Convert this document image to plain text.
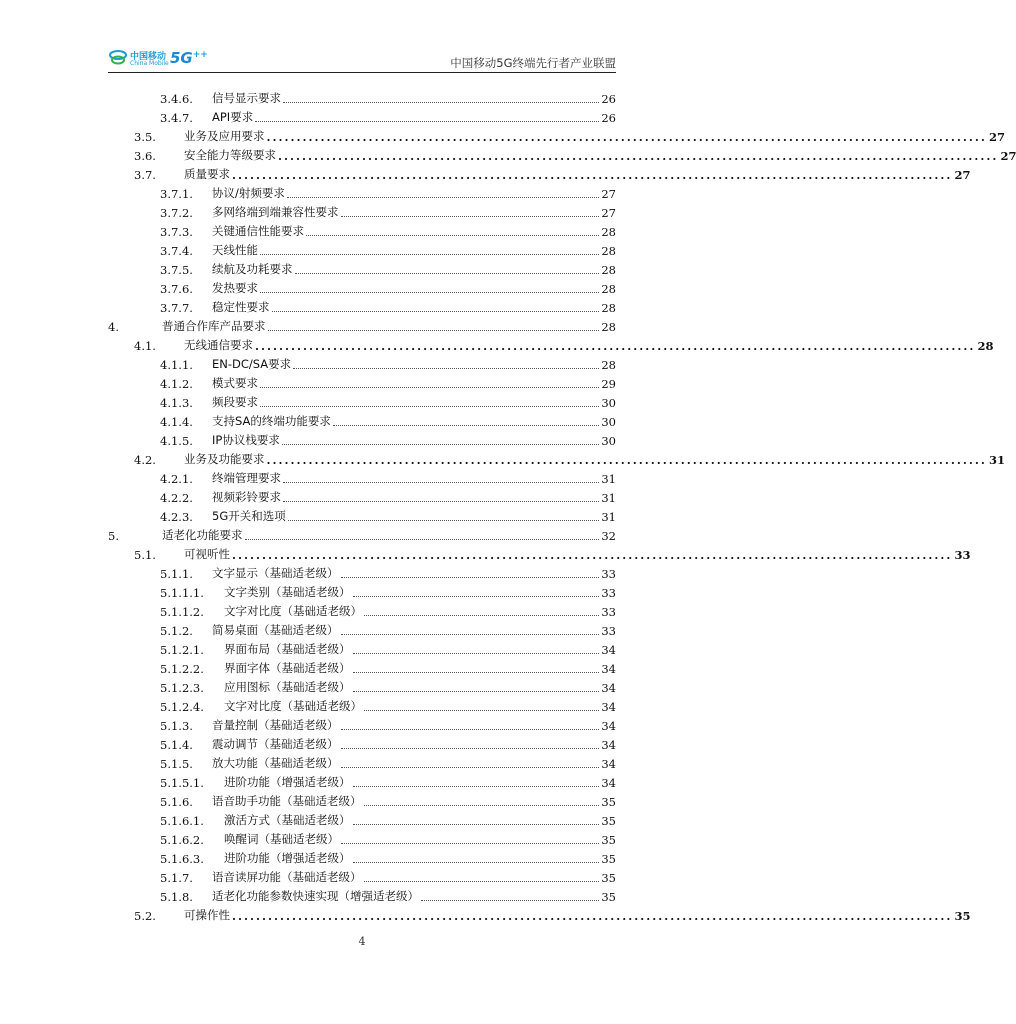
中国移动
China Mobile 5G++
中国移动5G终端先行者产业联盟
3.4.6.	信号显示要求	26
3.4.7.	API要求	26
3.5.	业务及应用要求 ........................................................................................................................ 27
3.6.	安全能力等级要求 ........................................................................................................................ 27
3.7.	质量要求 ........................................................................................................................ 27
3.7.1.	协议/射频要求	27
3.7.2.	多网络端到端兼容性要求	27
3.7.3.	关键通信性能要求	28
3.7.4.	天线性能	28
3.7.5.	续航及功耗要求	28
3.7.6.	发热要求	28
3.7.7.	稳定性要求	28
4.	普通合作库产品要求	28
4.1.	无线通信要求 ........................................................................................................................ 28
4.1.1.	EN-DC/SA要求	28
4.1.2.	模式要求	29
4.1.3.	频段要求	30
4.1.4.	支持SA的终端功能要求	30
4.1.5.	IP协议栈要求	30
4.2.	业务及功能要求 ........................................................................................................................ 31
4.2.1.	终端管理要求	31
4.2.2.	视频彩铃要求	31
4.2.3.	5G开关和选项	31
5.	适老化功能要求	32
5.1.	可视听性 ........................................................................................................................ 33
5.1.1.	文字显示（基础适老级）	33
5.1.1.1.	文字类别（基础适老级）	33
5.1.1.2.	文字对比度（基础适老级）	33
5.1.2.	简易桌面（基础适老级）	33
5.1.2.1.	界面布局（基础适老级）	34
5.1.2.2.	界面字体（基础适老级）	34
5.1.2.3.	应用图标（基础适老级）	34
5.1.2.4.	文字对比度（基础适老级）	34
5.1.3.	音量控制（基础适老级）	34
5.1.4.	震动调节（基础适老级）	34
5.1.5.	放大功能（基础适老级）	34
5.1.5.1.	进阶功能（增强适老级）	34
5.1.6.	语音助手功能（基础适老级）	35
5.1.6.1.	激活方式（基础适老级）	35
5.1.6.2.	唤醒词（基础适老级）	35
5.1.6.3.	进阶功能（增强适老级）	35
5.1.7.	语音读屏功能（基础适老级）	35
5.1.8.	适老化功能参数快速实现（增强适老级）	35
5.2.	可操作性 ........................................................................................................................ 35
4
